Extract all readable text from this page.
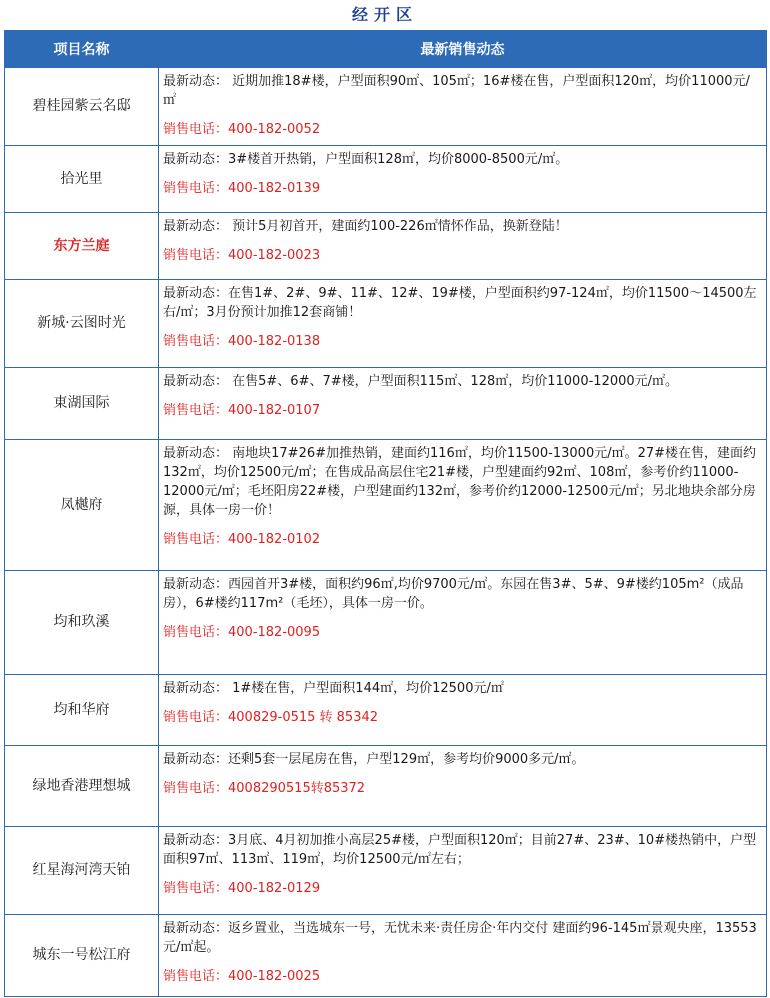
经开区
项目名称	最新销售动态
碧桂园紫云名邸	最新动态： 近期加推18#楼，户型面积90㎡、105㎡；16#楼在售，户型面积120㎡，均价11000元/㎡
销售电话：400-182-0052

拾光里	最新动态：3#楼首开热销，户型面积128㎡，均价8000-8500元/㎡。
销售电话：400-182-0139

东方兰庭	最新动态： 预计5月初首开，建面约100-226㎡情怀作品，换新登陆！
销售电话：400-182-0023

新城·云图时光	最新动态：在售1#、2#、9#、11#、12#、19#楼，户型面积约97-124㎡，均价11500～14500左右/㎡；3月份预计加推12套商铺！
销售电话：400-182-0138

東湖国际	最新动态： 在售5#、6#、7#楼，户型面积115㎡、128㎡，均价11000-12000元/㎡。
销售电话：400-182-0107

凤樾府	最新动态： 南地块17#26#加推热销，建面约116㎡，均价11500-13000元/㎡。27#楼在售，建面约132㎡，均价12500元/㎡；在售成品高层住宅21#楼，户型建面约92㎡、108㎡，参考价约11000-12000元/㎡；毛坯阳房22#楼，户型建面约132㎡，参考价约12000-12500元/㎡；另北地块余部分房源，具体一房一价！
销售电话：400-182-0102

均和玖溪	最新动态：西园首开3#楼，面积约96㎡,均价9700元/㎡。东园在售3#、5#、9#楼约105m²（成品房），6#楼约117m²（毛坯），具体一房一价。
销售电话：400-182-0095

均和华府	最新动态： 1#楼在售，户型面积144㎡，均价12500元/㎡
销售电话：400829-0515 转 85342

绿地香港理想城	最新动态：还剩5套一层尾房在售，户型129㎡，参考均价9000多元/㎡。
销售电话：4008290515转85372

红星海河湾天铂	最新动态：3月底、4月初加推小高层25#楼，户型面积120㎡；目前27#、23#、10#楼热销中，户型面积97㎡、113㎡、119㎡，均价12500元/㎡左右；
销售电话：400-182-0129

城东一号松江府	最新动态：返乡置业，当选城东一号，无忧未来·责任房企·年内交付 建面约96-145㎡景观央座，13553元/㎡起。
销售电话：400-182-0025
